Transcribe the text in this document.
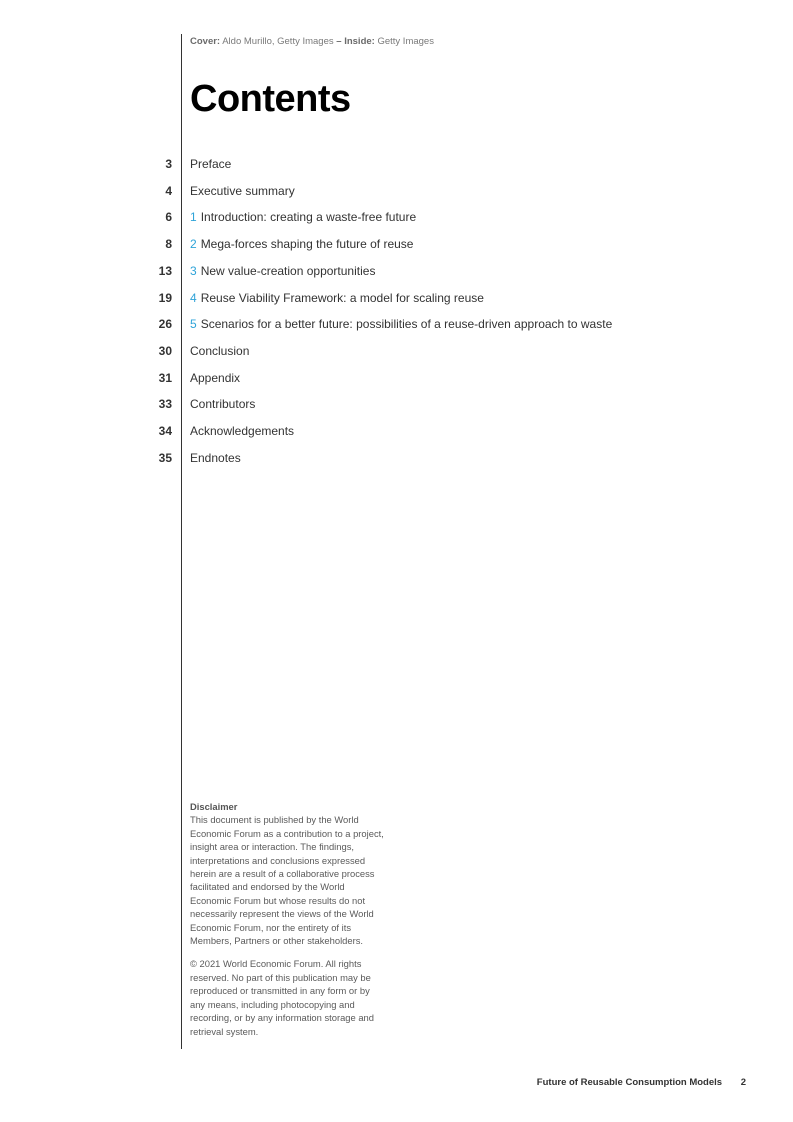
Cover: Aldo Murillo, Getty Images – Inside: Getty Images
Contents
3 Preface
4 Executive summary
6 1 Introduction: creating a waste-free future
8 2 Mega-forces shaping the future of reuse
13 3 New value-creation opportunities
19 4 Reuse Viability Framework: a model for scaling reuse
26 5 Scenarios for a better future: possibilities of a reuse-driven approach to waste
30 Conclusion
31 Appendix
33 Contributors
34 Acknowledgements
35 Endnotes
Disclaimer

This document is published by the World Economic Forum as a contribution to a project, insight area or interaction. The findings, interpretations and conclusions expressed herein are a result of a collaborative process facilitated and endorsed by the World Economic Forum but whose results do not necessarily represent the views of the World Economic Forum, nor the entirety of its Members, Partners or other stakeholders.

© 2021 World Economic Forum. All rights reserved. No part of this publication may be reproduced or transmitted in any form or by any means, including photocopying and recording, or by any information storage and retrieval system.

Future of Reusable Consumption Models 2
